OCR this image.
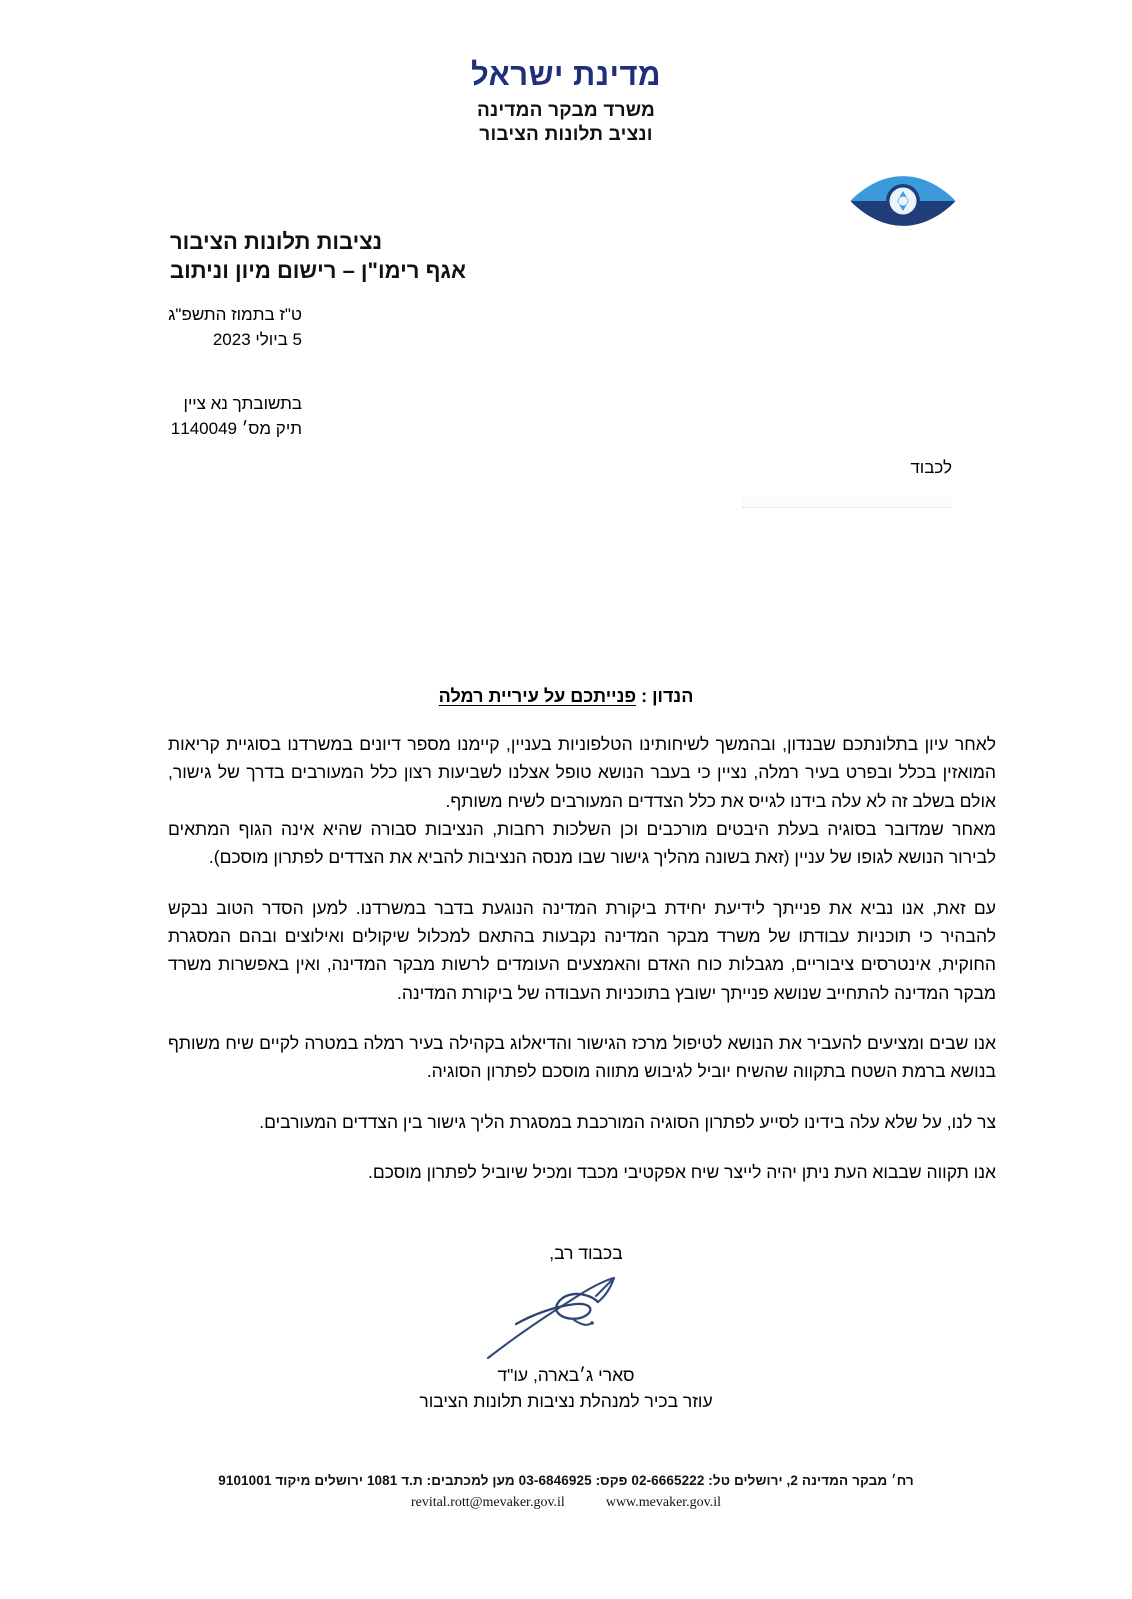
מדינת ישראל
משרד מבקר המדינה
ונציב תלונות הציבור
נציבות תלונות הציבור
אגף רימו"ן – רישום מיון וניתוב
ט"ז בתמוז התשפ"ג
5 ביולי 2023
בתשובתך נא צײן
תיק מס׳ 1140049
לכבוד
הנדון : פנייתכם על עיריית רמלה

לאחר עיון בתלונתכם שבנדון, ובהמשך לשיחותינו הטלפוניות בעניין, קיימנו מספר דיונים במשרדנו בסוגיית קריאות המואזין בכלל ובפרט בעיר רמלה, נציין כי בעבר הנושא טופל אצלנו לשביעות רצון כלל המעורבים בדרך של גישור, אולם בשלב זה לא עלה בידנו לגייס את כלל הצדדים המעורבים לשיח משותף.

מאחר שמדובר בסוגיה בעלת היבטים מורכבים וכן השלכות רחבות, הנציבות סבורה שהיא אינה הגוף המתאים לבירור הנושא לגופו של עניין (זאת בשונה מהליך גישור שבו מנסה הנציבות להביא את הצדדים לפתרון מוסכם).

עם זאת, אנו נביא את פנייתך לידיעת יחידת ביקורת המדינה הנוגעת בדבר במשרדנו. למען הסדר הטוב נבקש להבהיר כי תוכניות עבודתו של משרד מבקר המדינה נקבעות בהתאם למכלול שיקולים ואילוצים ובהם המסגרת החוקית, אינטרסים ציבוריים, מגבלות כוח האדם והאמצעים העומדים לרשות מבקר המדינה, ואין באפשרות משרד מבקר המדינה להתחייב שנושא פנייתך ישובץ בתוכניות העבודה של ביקורת המדינה.

אנו שבים ומציעים להעביר את הנושא לטיפול מרכז הגישור והדיאלוג בקהילה בעיר רמלה במטרה לקיים שיח משותף בנושא ברמת השטח בתקווה שהשיח יוביל לגיבוש מתווה מוסכם לפתרון הסוגיה.

צר לנו, על שלא עלה בידינו לסייע לפתרון הסוגיה המורכבת במסגרת הליך גישור בין הצדדים המעורבים.

אנו תקווה שבבוא העת ניתן יהיה לייצר שיח אפקטיבי מכבד ומכיל שיוביל לפתרון מוסכם.

בכבוד רב,
סארי ג׳בארה, עו"ד
עוזר בכיר למנהלת נציבות תלונות הציבור
רח׳ מבקר המדינה 2, ירושלים טל: 02-6665222 פקס: 03-6846925 מען למכתבים: ת.ד 1081 ירושלים מיקוד 9101001
revital.rott@mevaker.gov.il	www.mevaker.gov.il
